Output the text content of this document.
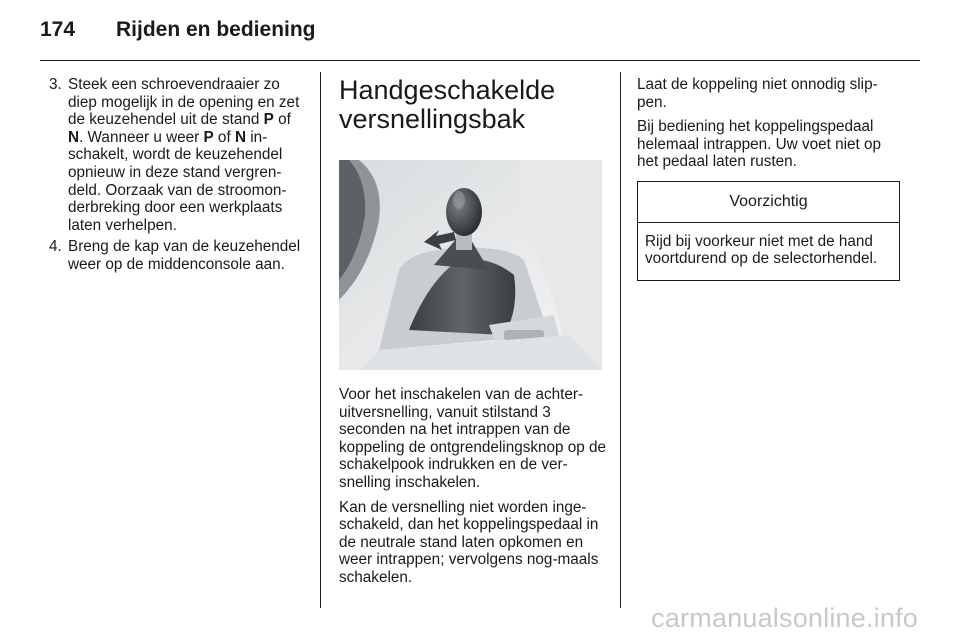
174 Rijden en bediening
3. Steek een schroevendraaier zo diep mogelijk in de opening en zet de keuzehendel uit de stand P of N. Wanneer u weer P of N in-schakelt, wordt de keuzehendel opnieuw in deze stand vergren-deld. Oorzaak van de stroomon-derbreking door een werkplaats laten verhelpen.
4. Breng de kap van de keuzehendel weer op de middenconsole aan.
Handgeschakelde
versnellingsbak

Voor het inschakelen van de achter-uitversnelling, vanuit stilstand 3 seconden na het intrappen van de koppeling de ontgrendelingsknop op de schakelpook indrukken en de ver-snelling inschakelen.

Kan de versnelling niet worden inge-schakeld, dan het koppelingspedaal in de neutrale stand laten opkomen en weer intrappen; vervolgens nog-maals schakelen.

Laat de koppeling niet onnodig slip-pen.

Bij bediening het koppelingspedaal helemaal intrappen. Uw voet niet op het pedaal laten rusten.

Voorzichtig
Rijd bij voorkeur niet met de hand voortdurend op de selectorhendel.
carmanualsonline.info
